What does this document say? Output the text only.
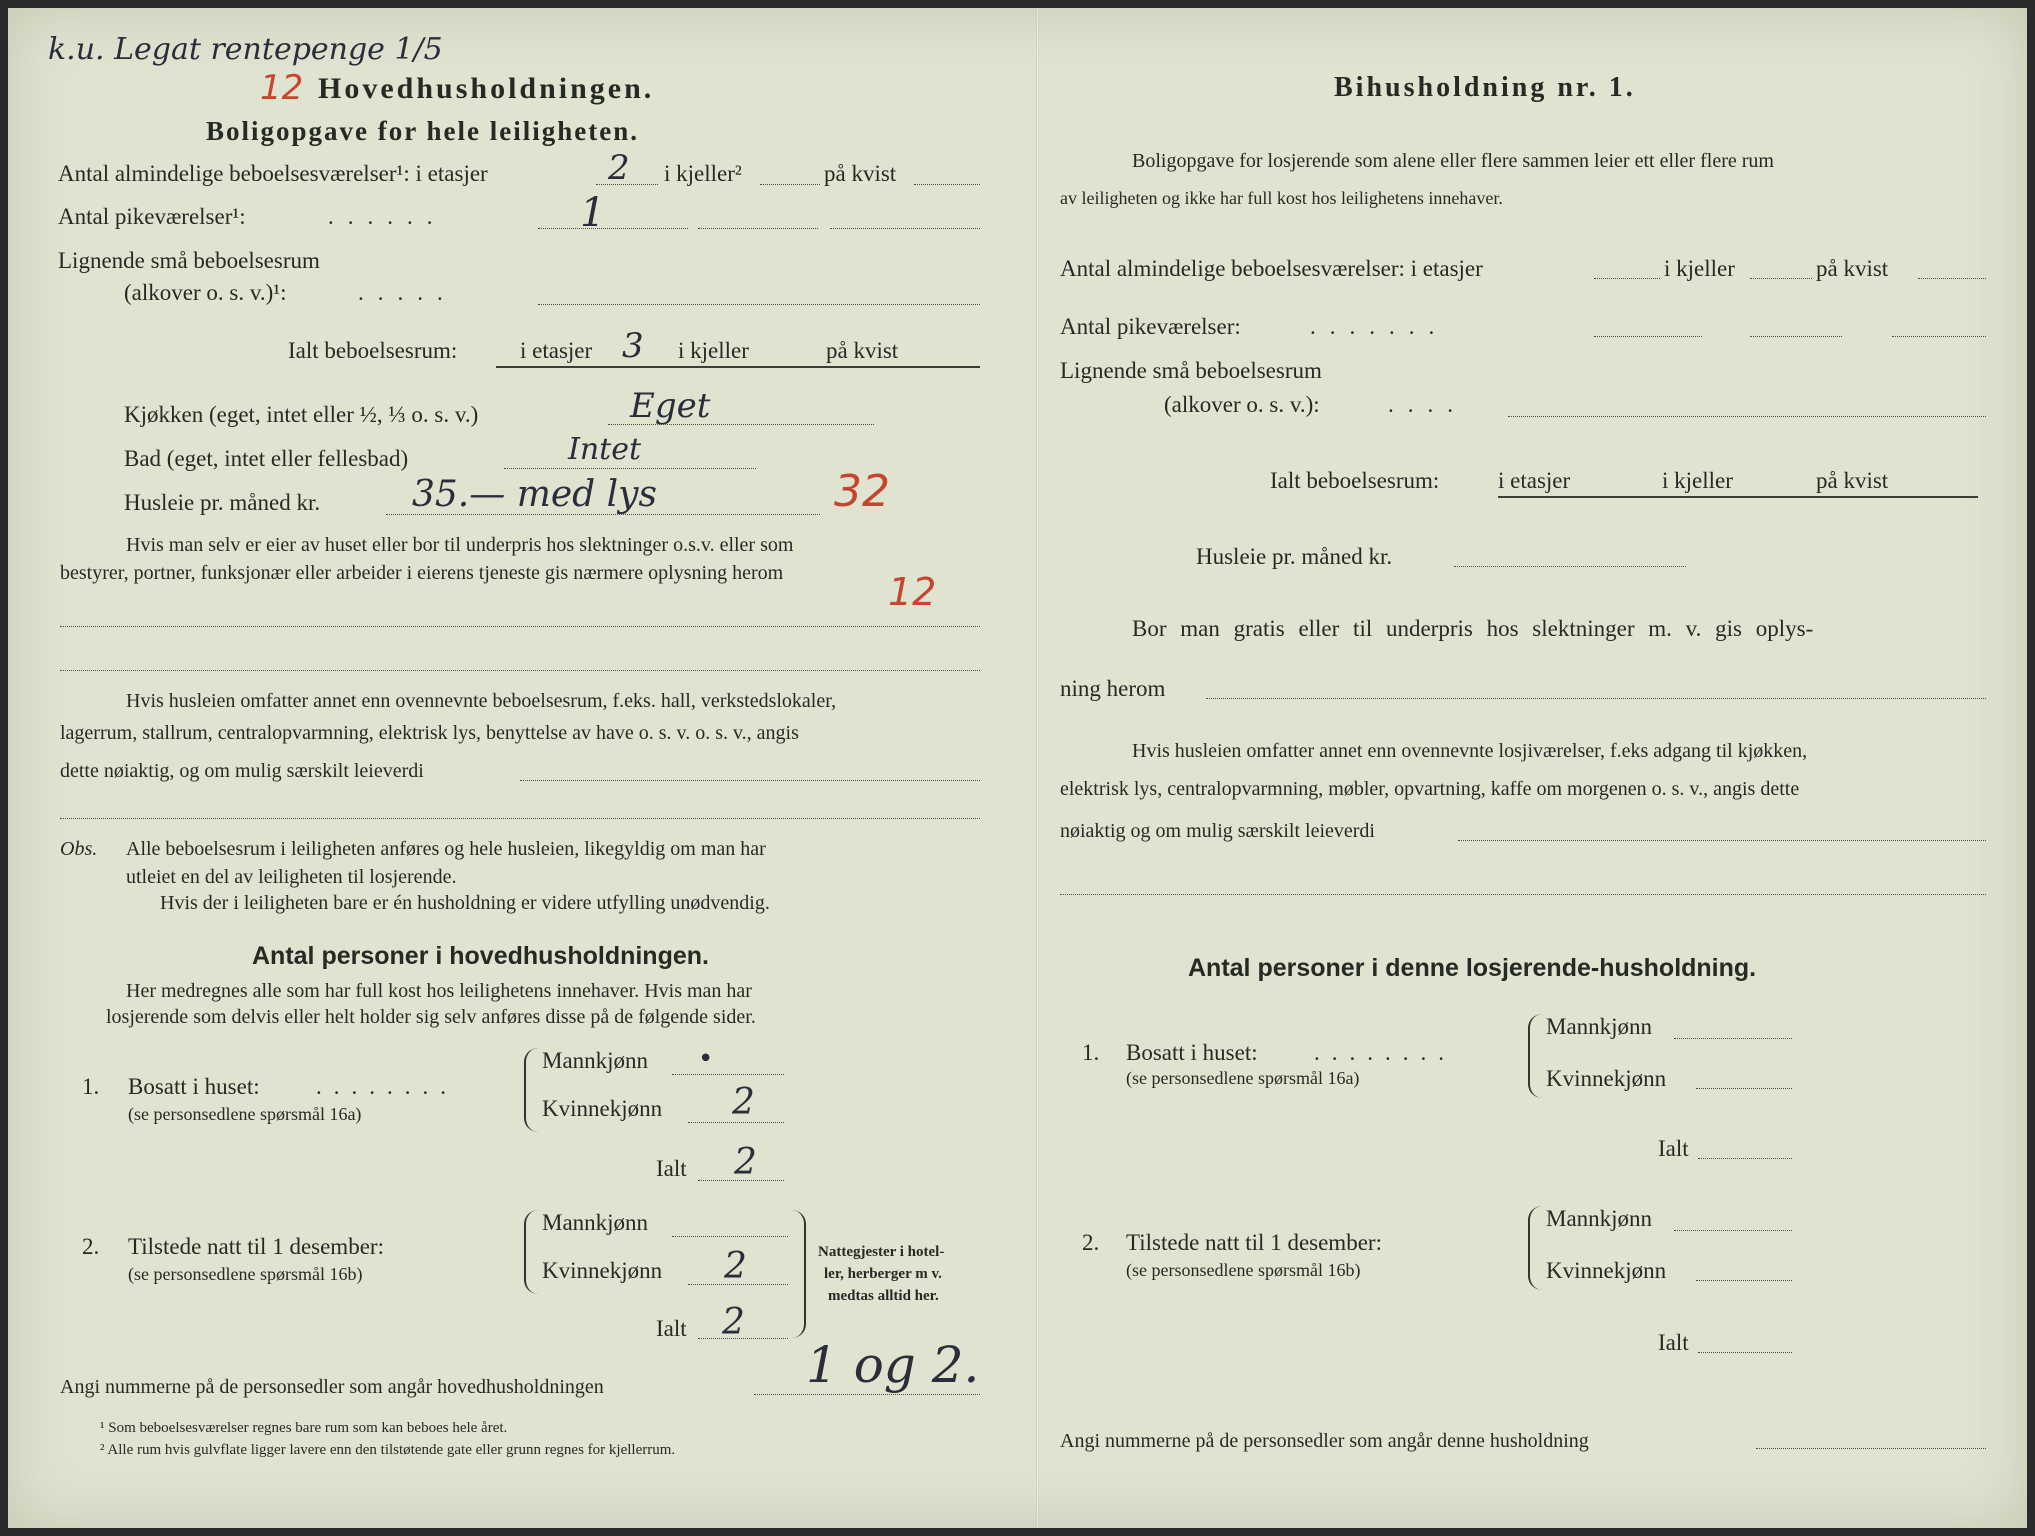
k.u. Legat rentepenge 1/5
12 Hovedhusholdningen.
Boligopgave for hele leiligheten.
Antal almindelige beboelsesværelser¹: i etasjer	2 i kjeller²	på kvist
Antal pikeværelser¹:	......	1
Lignende små beboelsesrum
(alkover o. s. v.)¹:	.....
Ialt beboelsesrum:	i etasjer 3 i kjeller	på kvist
Kjøkken (eget, intet eller ½, ⅓ o. s. v.)	Eget
Bad (eget, intet eller fellesbad)	Intet
Husleie pr. måned kr.	35.— med lys	32
Hvis man selv er eier av huset eller bor til underpris hos slektninger o.s.v. eller som
bestyrer, portner, funksjonær eller arbeider i eierens tjeneste gis nærmere oplysning herom	12
Hvis husleien omfatter annet enn ovennevnte beboelsesrum, f.eks. hall, verkstedslokaler,
lagerrum, stallrum, centralopvarmning, elektrisk lys, benyttelse av have o. s. v. o. s. v., angis
dette nøiaktig, og om mulig særskilt leieverdi
Obs. Alle beboelsesrum i leiligheten anføres og hele husleien, likegyldig om man har
utleiet en del av leiligheten til losjerende.
Hvis der i leiligheten bare er én husholdning er videre utfylling unødvendig.
Antal personer i hovedhusholdningen.
Her medregnes alle som har full kost hos leilighetens innehaver. Hvis man har
losjerende som delvis eller helt holder sig selv anføres disse på de følgende sider.
1. Bosatt i huset: ........
(se personsedlene spørsmål 16a)
Mannkjønn •
Kvinnekjønn 2
Ialt 2
2. Tilstede natt til 1 desember:
(se personsedlene spørsmål 16b)
Mannkjønn
Kvinnekjønn 2
Ialt 2
Nattegjester i hotel-
ler, herberger m v.
medtas alltid her.
Angi nummerne på de personsedler som angår hovedhusholdningen	1 og 2.
¹ Som beboelsesværelser regnes bare rum som kan beboes hele året.
² Alle rum hvis gulvflate ligger lavere enn den tilstøtende gate eller grunn regnes for kjellerrum.
Bihusholdning nr. 1.
Boligopgave for losjerende som alene eller flere sammen leier ett eller flere rum
av leiligheten og ikke har full kost hos leilighetens innehaver.
Antal almindelige beboelsesværelser: i etasjer	i kjeller	på kvist
Antal pikeværelser:	.......
Lignende små beboelsesrum
(alkover o. s. v.):	....
Ialt beboelsesrum:	i etasjer	i kjeller	på kvist
Husleie pr. måned kr.
Bor man gratis eller til underpris hos slektninger m. v. gis oplys-
ning herom
Hvis husleien omfatter annet enn ovennevnte losjiværelser, f.eks adgang til kjøkken,
elektrisk lys, centralopvarmning, møbler, opvartning, kaffe om morgenen o. s. v., angis dette
nøiaktig og om mulig særskilt leieverdi
Antal personer i denne losjerende-husholdning.
1. Bosatt i huset: ........
(se personsedlene spørsmål 16a)
Mannkjønn
Kvinnekjønn
Ialt
2. Tilstede natt til 1 desember:
(se personsedlene spørsmål 16b)
Mannkjønn
Kvinnekjønn
Ialt
Angi nummerne på de personsedler som angår denne husholdning
